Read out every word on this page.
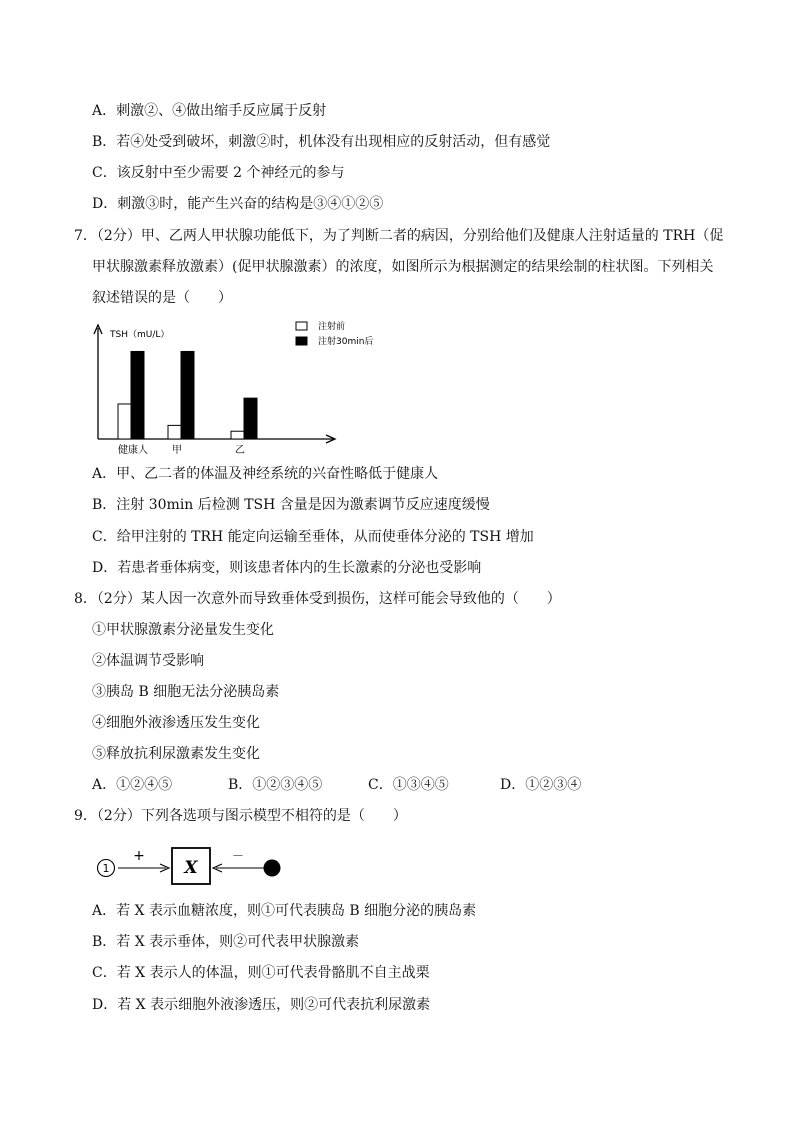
A．刺激②、④做出缩手反应属于反射
B．若④处受到破坏，刺激②时，机体没有出现相应的反射活动，但有感觉
C．该反射中至少需要 2 个神经元的参与
D．刺激③时，能产生兴奋的结构是③④①②⑤
7．（2分）甲、乙两人甲状腺功能低下，为了判断二者的病因，分别给他们及健康人注射适量的 TRH（促
甲状腺激素释放激素）(促甲状腺激素）的浓度，如图所示为根据测定的结果绘制的柱状图。下列相关
叙述错误的是（　　）
TSH（mU/L）
注射前
注射30min后
健康人 甲	乙
A．甲、乙二者的体温及神经系统的兴奋性略低于健康人
B．注射 30min 后检测 TSH 含量是因为激素调节反应速度缓慢
C．给甲注射的 TRH 能定向运输至垂体，从而使垂体分泌的 TSH 增加
D．若患者垂体病变，则该患者体内的生长激素的分泌也受影响
8．（2分）某人因一次意外而导致垂体受到损伤，这样可能会导致他的（　　）
①甲状腺激素分泌量发生变化
②体温调节受影响
③胰岛 B 细胞无法分泌胰岛素
④细胞外液渗透压发生变化
⑤释放抗利尿激素发生变化
A．①②④⑤	B．①②③④⑤	C．①③④⑤	D．①②③④
9．（2分）下列各选项与图示模型不相符的是（　　）
1
+
X
－
A．若 X 表示血糖浓度，则①可代表胰岛 B 细胞分泌的胰岛素
B．若 X 表示垂体，则②可代表甲状腺激素
C．若 X 表示人的体温，则①可代表骨骼肌不自主战栗
D．若 X 表示细胞外液渗透压，则②可代表抗利尿激素
